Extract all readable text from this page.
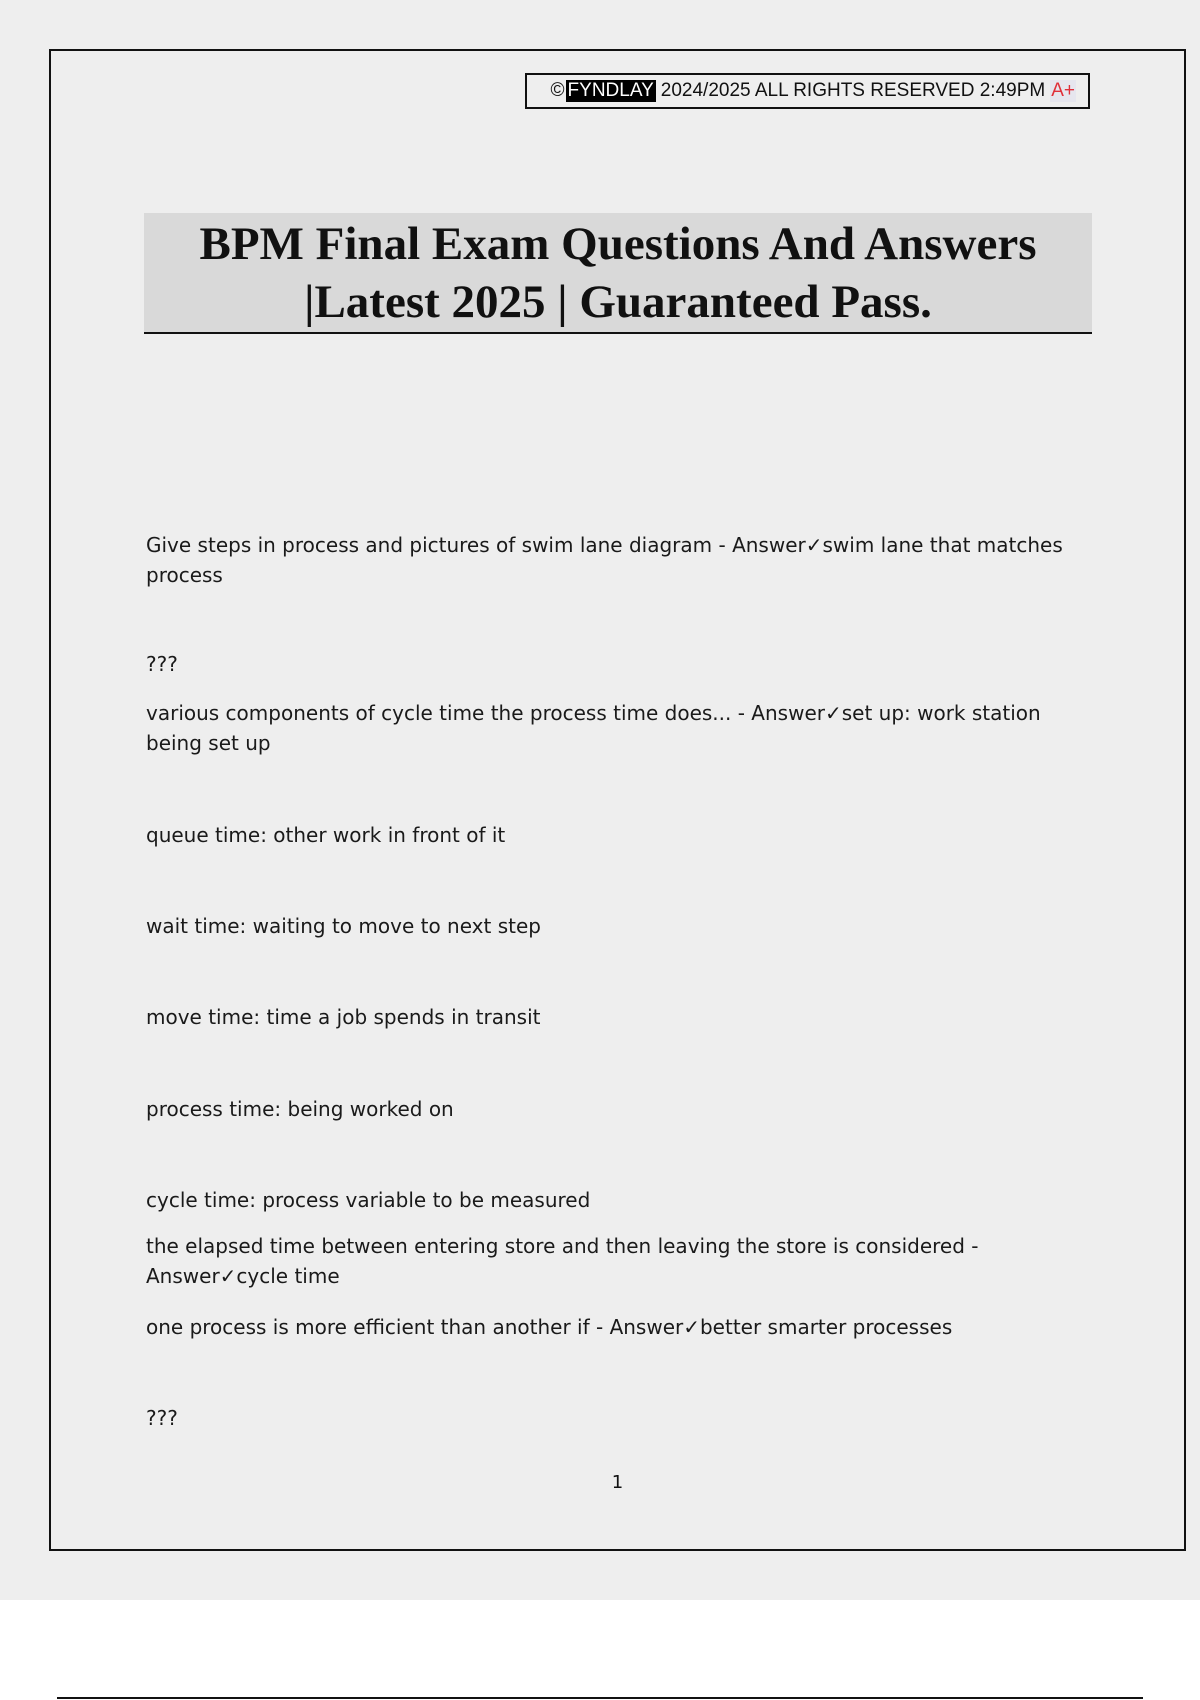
© FYNDLAY 2024/2025 ALL RIGHTS RESERVED 2:49PM A+
BPM Final Exam Questions And Answers
|Latest 2025 | Guaranteed Pass.

Give steps in process and pictures of swim lane diagram - Answer✓swim lane that matches process

???

various components of cycle time the process time does... - Answer✓set up: work station being set up

queue time: other work in front of it

wait time: waiting to move to next step

move time: time a job spends in transit

process time: being worked on

cycle time: process variable to be measured

the elapsed time between entering store and then leaving the store is considered - Answer✓cycle time

one process is more efficient than another if - Answer✓better smarter processes

???

1
